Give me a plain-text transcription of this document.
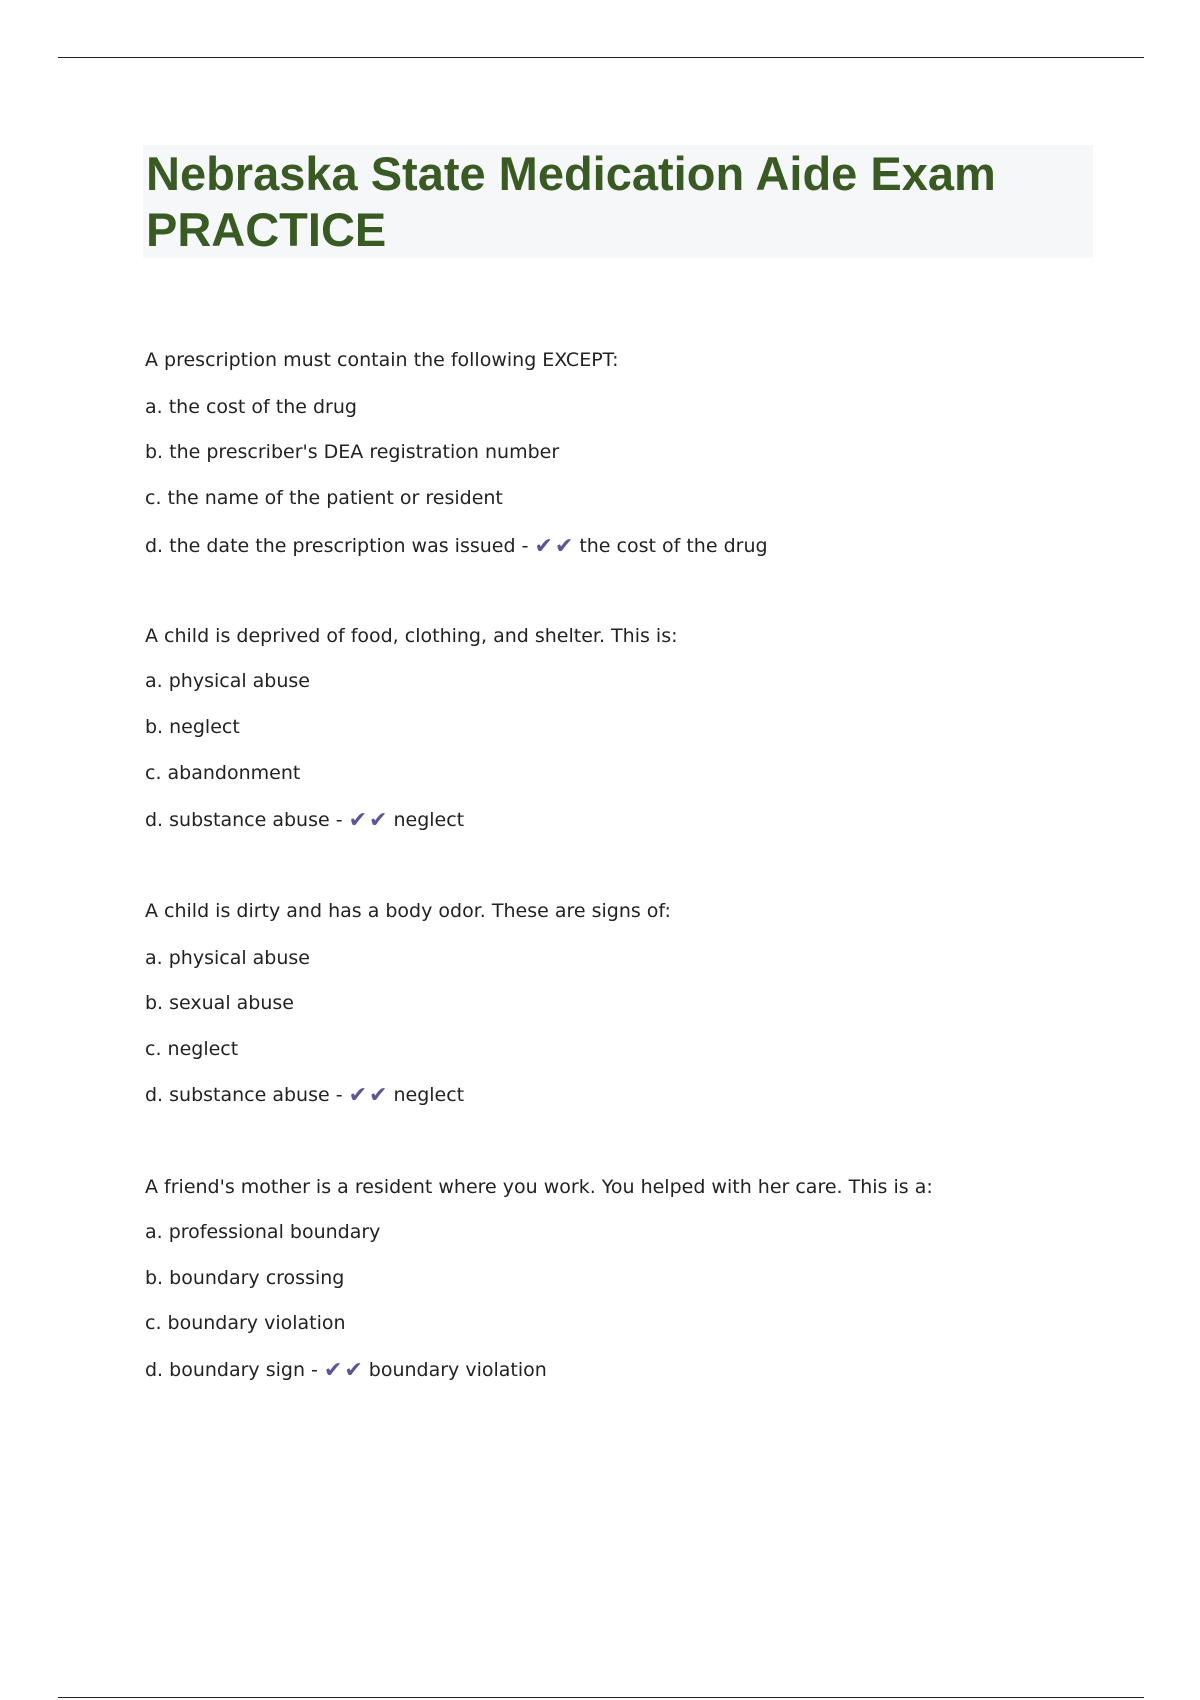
Nebraska State Medication Aide Exam PRACTICE
A prescription must contain the following EXCEPT:
a. the cost of the drug
b. the prescriber's DEA registration number
c. the name of the patient or resident
d. the date the prescription was issued - ✔✔ the cost of the drug
A child is deprived of food, clothing, and shelter. This is:
a. physical abuse
b. neglect
c. abandonment
d. substance abuse - ✔✔ neglect
A child is dirty and has a body odor. These are signs of:
a. physical abuse
b. sexual abuse
c. neglect
d. substance abuse - ✔✔ neglect
A friend's mother is a resident where you work. You helped with her care. This is a:
a. professional boundary
b. boundary crossing
c. boundary violation
d. boundary sign - ✔✔ boundary violation
